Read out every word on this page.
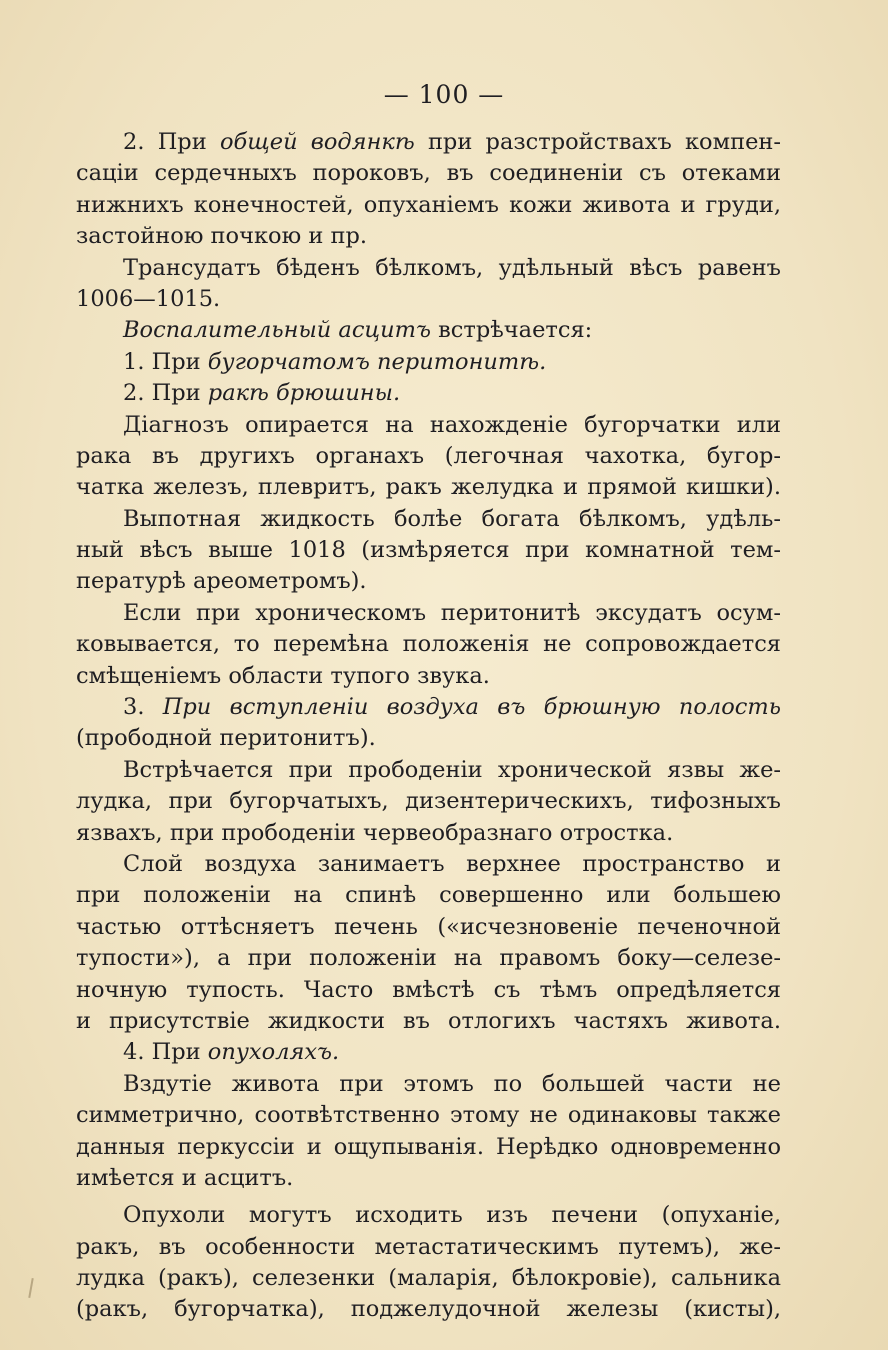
— 100 —
2. При общей водянкѣ при разстройствахъ компен-
саціи сердечныхъ пороковъ, въ соединеніи съ отеками
нижнихъ конечностей, опуханіемъ кожи живота и груди,
застойною почкою и пр.
Трансудатъ бѣденъ бѣлкомъ, удѣльный вѣсъ равенъ
1006—1015.
Воспалительный асцитъ встрѣчается:
1. При бугорчатомъ перитонитѣ.
2. При ракѣ брюшины.
Діагнозъ опирается на нахожденіе бугорчатки или
рака въ другихъ органахъ (легочная чахотка, бугор-
чатка железъ, плевритъ, ракъ желудка и прямой кишки).
Выпотная жидкость болѣе богата бѣлкомъ, удѣль-
ный вѣсъ выше 1018 (измѣряется при комнатной тем-
пературѣ ареометромъ).
Если при хроническомъ перитонитѣ эксудатъ осум-
ковывается, то перемѣна положенія не сопровождается
смѣщеніемъ области тупого звука.
3. При вступленіи воздуха въ брюшную полость
(прободной перитонитъ).
Встрѣчается при прободеніи хронической язвы же-
лудка, при бугорчатыхъ, дизентерическихъ, тифозныхъ
язвахъ, при прободеніи червеобразнаго отростка.
Слой воздуха занимаетъ верхнее пространство и
при положеніи на спинѣ совершенно или большею
частью оттѣсняетъ печень («исчезновеніе печеночной
тупости»), а при положеніи на правомъ боку—селезе-
ночную тупость. Часто вмѣстѣ съ тѣмъ опредѣляется
и присутствіе жидкости въ отлогихъ частяхъ живота.
4. При опухоляхъ.
Вздутіе живота при этомъ по большей части не
симметрично, соотвѣтственно этому не одинаковы также
данныя перкуссіи и ощупыванія. Нерѣдко одновременно
имѣется и асцитъ.
Опухоли могутъ исходить изъ печени (опуханіе,
ракъ, въ особенности метастатическимъ путемъ), же-
лудка (ракъ), селезенки (маларія, бѣлокровіе), сальника
(ракъ, бугорчатка), поджелудочной железы (кисты),
